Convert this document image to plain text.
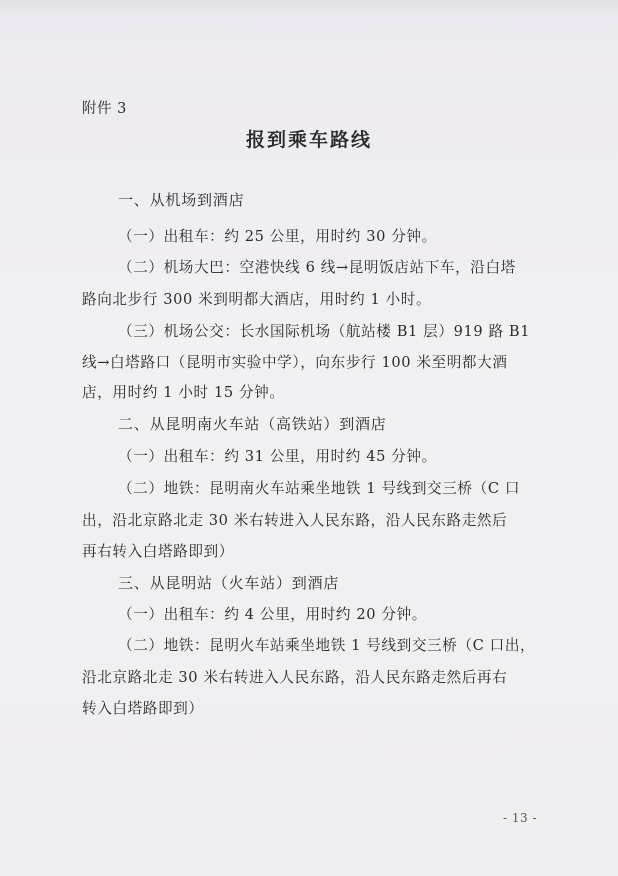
附件 3
报到乘车路线
一、从机场到酒店
（一）出租车：约 25 公里，用时约 30 分钟。
（二）机场大巴：空港快线 6 线→昆明饭店站下车，沿白塔
路向北步行 300 米到明都大酒店，用时约 1 小时。
（三）机场公交：长水国际机场（航站楼 B1 层）919 路 B1
线→白塔路口（昆明市实验中学），向东步行 100 米至明都大酒
店，用时约 1 小时 15 分钟。
二、从昆明南火车站（高铁站）到酒店
（一）出租车：约 31 公里，用时约 45 分钟。
（二）地铁：昆明南火车站乘坐地铁 1 号线到交三桥（C 口
出，沿北京路北走 30 米右转进入人民东路，沿人民东路走然后
再右转入白塔路即到）
三、从昆明站（火车站）到酒店
（一）出租车：约 4 公里，用时约 20 分钟。
（二）地铁：昆明火车站乘坐地铁 1 号线到交三桥（C 口出，
沿北京路北走 30 米右转进入人民东路，沿人民东路走然后再右
转入白塔路即到）
- 13 -
